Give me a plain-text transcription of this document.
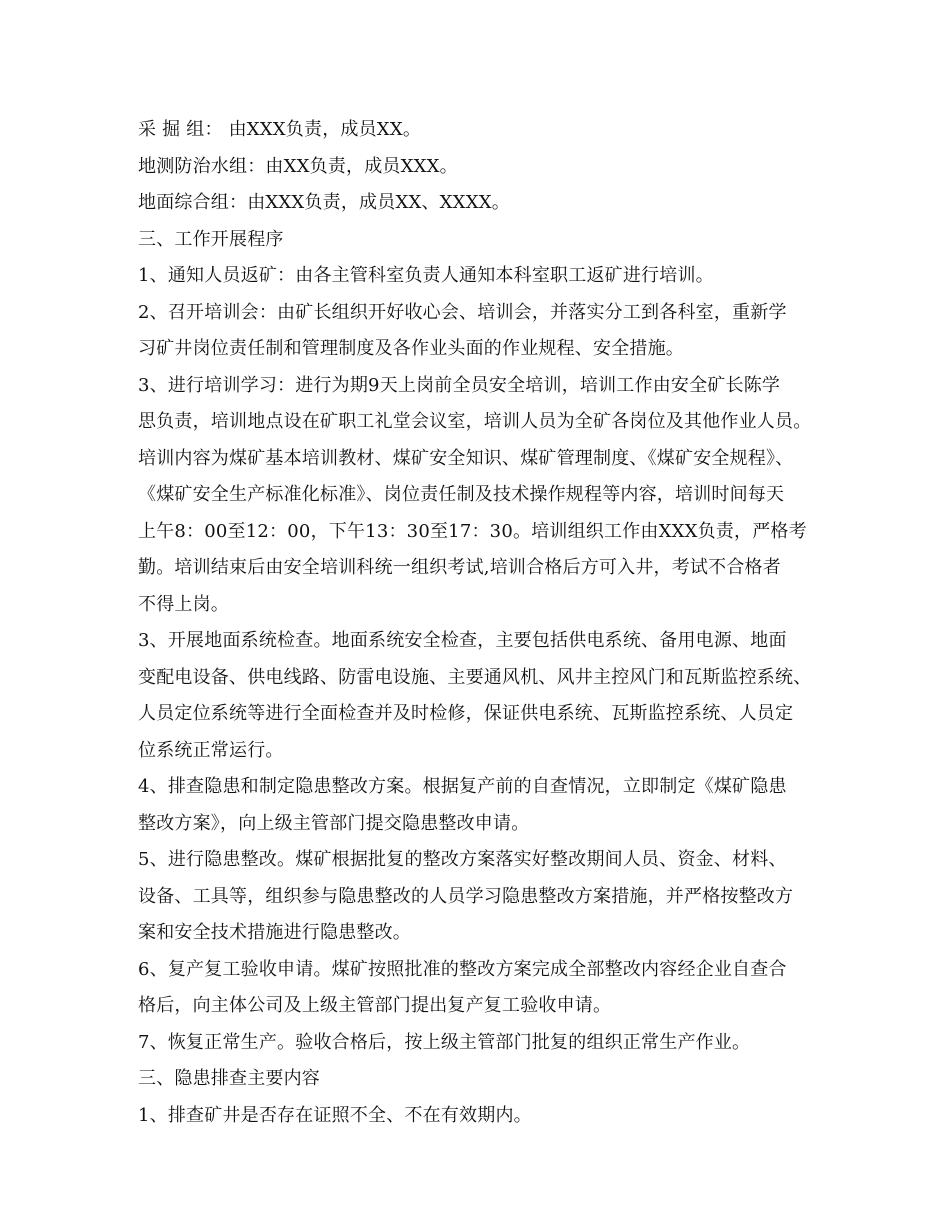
采 掘 组： 由XXX负责，成员XX。
地测防治水组：由XX负责，成员XXX。
地面综合组：由XXX负责，成员XX、XXXX。
三、工作开展程序
1、通知人员返矿：由各主管科室负责人通知本科室职工返矿进行培训。
2、召开培训会：由矿长组织开好收心会、培训会，并落实分工到各科室，重新学
习矿井岗位责任制和管理制度及各作业头面的作业规程、安全措施。
3、进行培训学习：进行为期9天上岗前全员安全培训，培训工作由安全矿长陈学
思负责，培训地点设在矿职工礼堂会议室，培训人员为全矿各岗位及其他作业人员。
培训内容为煤矿基本培训教材、煤矿安全知识、煤矿管理制度、《煤矿安全规程》、
《煤矿安全生产标准化标准》、岗位责任制及技术操作规程等内容，培训时间每天
上午8：00至12：00，下午13：30至17：30。培训组织工作由XXX负责，严格考
勤。培训结束后由安全培训科统一组织考试,培训合格后方可入井，考试不合格者
不得上岗。
3、开展地面系统检查。地面系统安全检查，主要包括供电系统、备用电源、地面
变配电设备、供电线路、防雷电设施、主要通风机、风井主控风门和瓦斯监控系统、
人员定位系统等进行全面检查并及时检修，保证供电系统、瓦斯监控系统、人员定
位系统正常运行。
4、排查隐患和制定隐患整改方案。根据复产前的自查情况，立即制定《煤矿隐患
整改方案》，向上级主管部门提交隐患整改申请。
5、进行隐患整改。煤矿根据批复的整改方案落实好整改期间人员、资金、材料、
设备、工具等，组织参与隐患整改的人员学习隐患整改方案措施，并严格按整改方
案和安全技术措施进行隐患整改。
6、复产复工验收申请。煤矿按照批准的整改方案完成全部整改内容经企业自查合
格后，向主体公司及上级主管部门提出复产复工验收申请。
7、恢复正常生产。验收合格后，按上级主管部门批复的组织正常生产作业。
三、隐患排查主要内容
1、排查矿井是否存在证照不全、不在有效期内。
